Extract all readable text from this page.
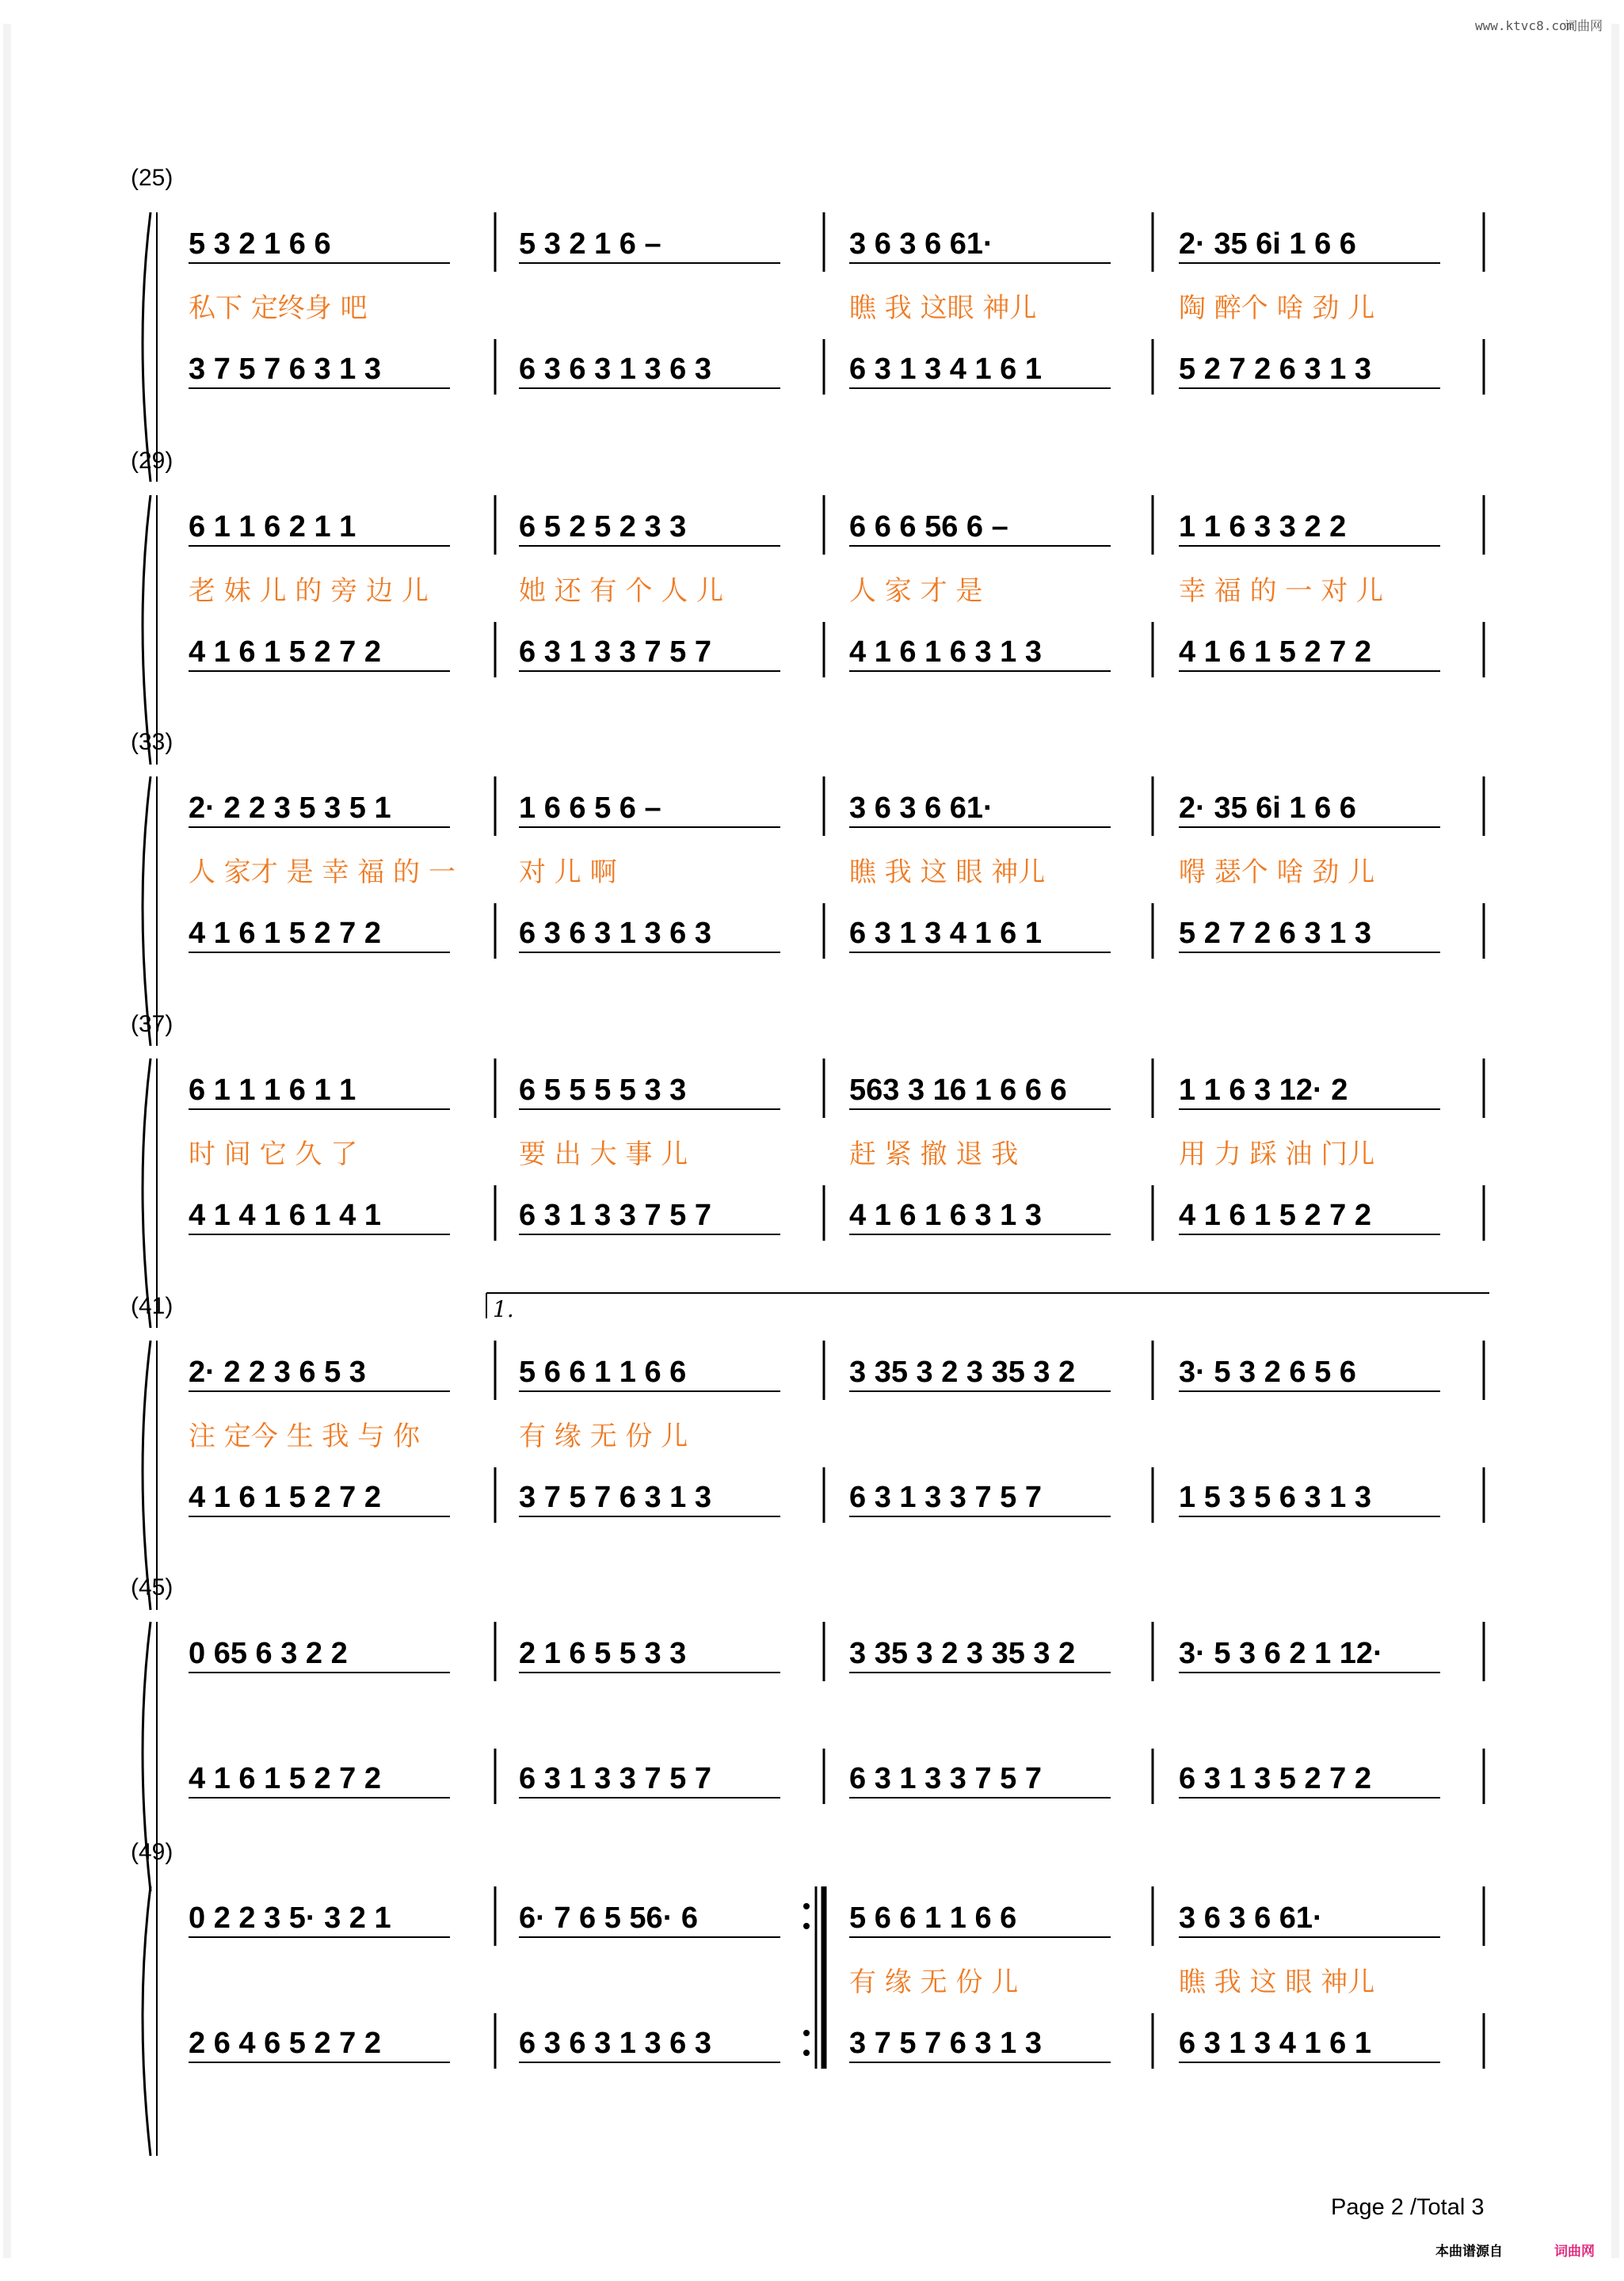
www.ktvc8.com
词曲网
(25)
5 3 2 1 6 6	5 3 2 1 6 –	3 6 3 6 61·	2· 35 6i 1 6 6
私下 定终身 吧	瞧 我 这眼 神儿	陶 醉个 啥 劲 儿
3 7 5 7 6 3 1 3	6 3 6 3 1 3 6 3	6 3 1 3 4 1 6 1	5 2 7 2 6 3 1 3
(29)
6 1 1 6 2 1 1	6 5 2 5 2 3 3	6 6 6 56 6 –	1 1 6 3 3 2 2
老 妹 儿 的 旁 边 儿	她 还 有 个 人 儿	人 家 才 是	幸 福 的 一 对 儿
4 1 6 1 5 2 7 2	6 3 1 3 3 7 5 7	4 1 6 1 6 3 1 3	4 1 6 1 5 2 7 2
(33)
2· 2 2 3 5 3 5 1	1 6 6 5 6 –	3 6 3 6 61·	2· 35 6i 1 6 6
人 家才 是 幸 福 的 一 对 儿 啊	瞧 我 这 眼 神儿	嘚 瑟个 啥 劲 儿
4 1 6 1 5 2 7 2	6 3 6 3 1 3 6 3	6 3 1 3 4 1 6 1	5 2 7 2 6 3 1 3
(37)
6 1 1 1 6 1 1	6 5 5 5 5 3 3	563 3 16 1 6 6 6	1 1 6 3 12· 2
时 间 它 久 了	要 出 大 事 儿	赶 紧 撤 退 我	用 力 踩 油 门儿
4 1 4 1 6 1 4 1	6 3 1 3 3 7 5 7	4 1 6 1 6 3 1 3	4 1 6 1 5 2 7 2
(41)
2· 2 2 3 6 5 3	5 6 6 1 1 6 6	3 35 3 2 3 35 3 2	3· 5 3 2 6 5 6
注 定今 生 我 与 你	有 缘 无 份 儿
4 1 6 1 5 2 7 2	3 7 5 7 6 3 1 3	6 3 1 3 3 7 5 7	1 5 3 5 6 3 1 3
1.
(45)
0 65 6 3 2 2	2 1 6 5 5 3 3	3 35 3 2 3 35 3 2	3· 5 3 6 2 1 12·
4 1 6 1 5 2 7 2	6 3 1 3 3 7 5 7	6 3 1 3 3 7 5 7	6 3 1 3 5 2 7 2
(49)
0 2 2 3 5· 3 2 1	6· 7 6 5 56· 6	5 6 6 1 1 6 6	3 6 3 6 61·
有 缘 无 份 儿	瞧 我 这 眼 神儿
2 6 4 6 5 2 7 2	6 3 6 3 1 3 6 3	3 7 5 7 6 3 1 3	6 3 1 3 4 1 6 1
Page 2 /Total 3
本曲谱源自	词曲网
